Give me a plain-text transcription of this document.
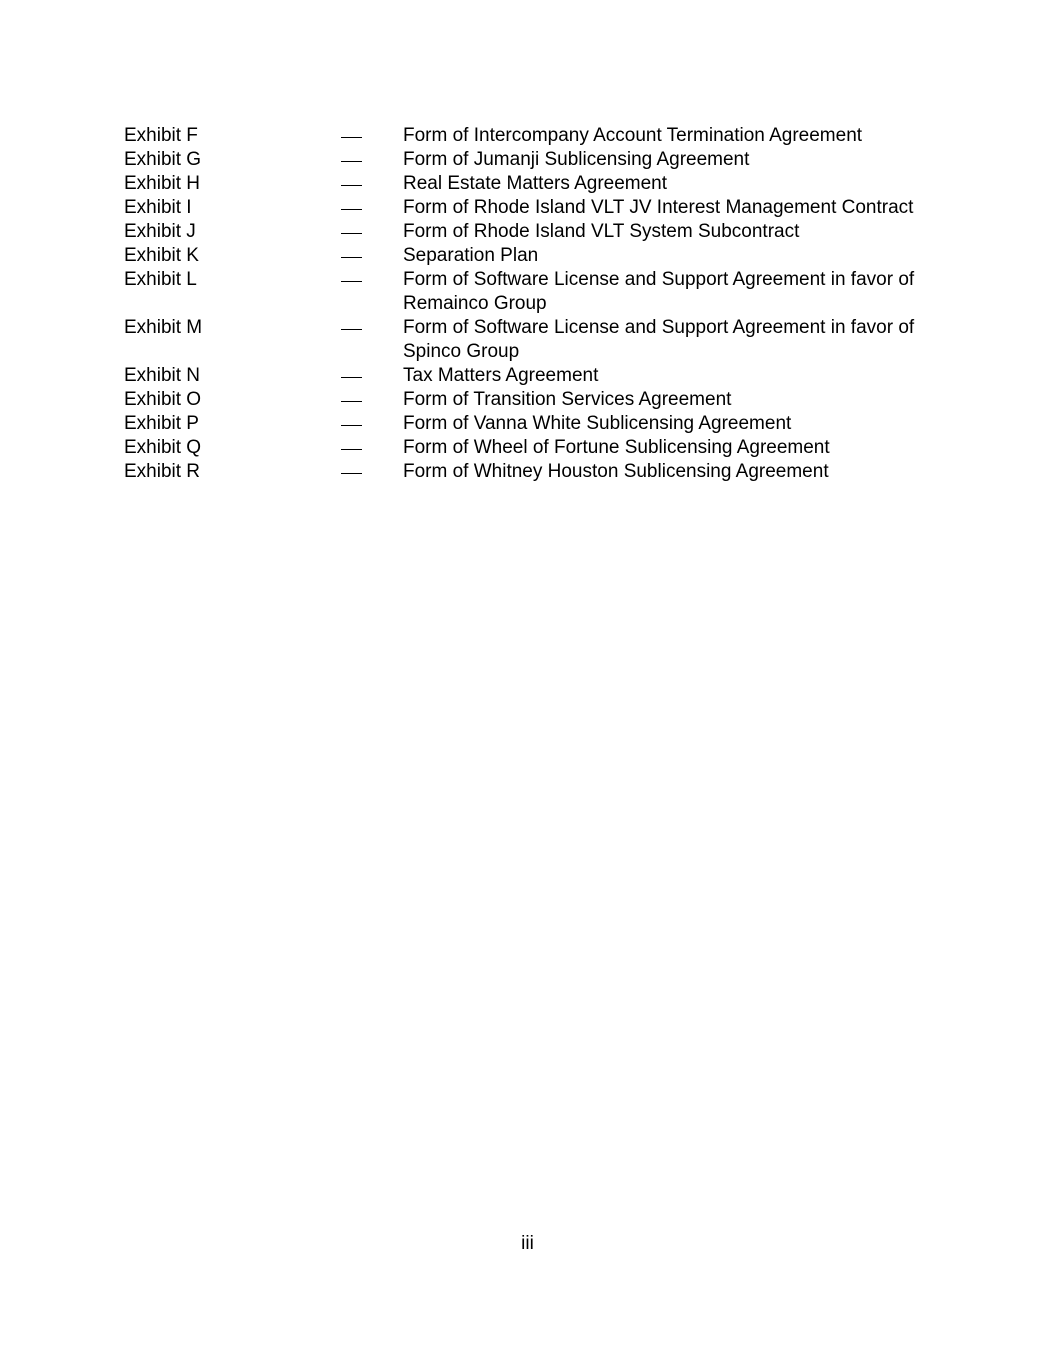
Exhibit F	Form of Intercompany Account Termination Agreement
Exhibit G	Form of Jumanji Sublicensing Agreement
Exhibit H	Real Estate Matters Agreement
Exhibit I	Form of Rhode Island VLT JV Interest Management Contract
Exhibit J	Form of Rhode Island VLT System Subcontract
Exhibit K	Separation Plan
Exhibit L	Form of Software License and Support Agreement in favor of Remainco Group
Exhibit M	Form of Software License and Support Agreement in favor of Spinco Group
Exhibit N	Tax Matters Agreement
Exhibit O	Form of Transition Services Agreement
Exhibit P	Form of Vanna White Sublicensing Agreement
Exhibit Q	Form of Wheel of Fortune Sublicensing Agreement
Exhibit R	Form of Whitney Houston Sublicensing Agreement
iii
